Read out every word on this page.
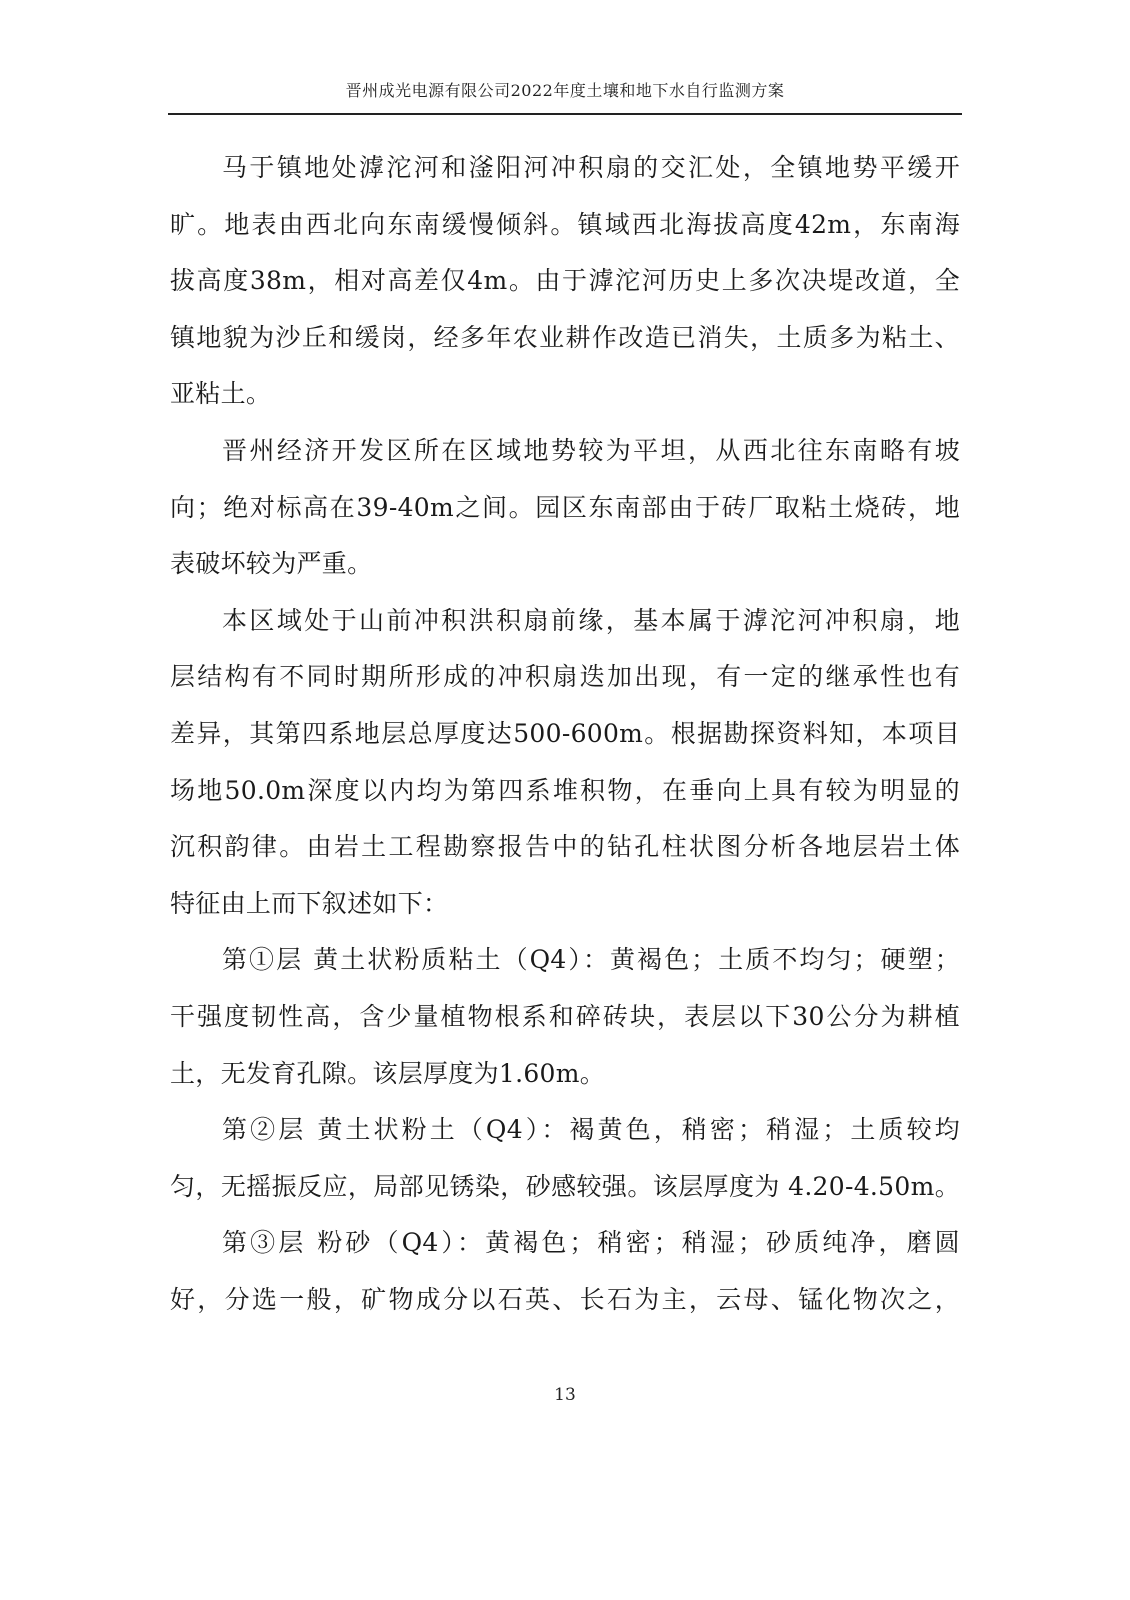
晋州成光电源有限公司2022年度土壤和地下水自行监测方案
马于镇地处滹沱河和滏阳河冲积扇的交汇处，全镇地势平缓开
旷。地表由西北向东南缓慢倾斜。镇域西北海拔高度42m，东南海
拔高度38m，相对高差仅4m。由于滹沱河历史上多次决堤改道，全
镇地貌为沙丘和缓岗，经多年农业耕作改造已消失，土质多为粘土、
亚粘土。
晋州经济开发区所在区域地势较为平坦，从西北往东南略有坡
向；绝对标高在39-40m之间。园区东南部由于砖厂取粘土烧砖，地
表破坏较为严重。
本区域处于山前冲积洪积扇前缘，基本属于滹沱河冲积扇，地
层结构有不同时期所形成的冲积扇迭加出现，有一定的继承性也有
差异，其第四系地层总厚度达500-600m。根据勘探资料知，本项目
场地50.0m深度以内均为第四系堆积物，在垂向上具有较为明显的
沉积韵律。由岩土工程勘察报告中的钻孔柱状图分析各地层岩土体
特征由上而下叙述如下：
第①层 黄土状粉质粘土（Q4）：黄褐色；土质不均匀；硬塑；
干强度韧性高，含少量植物根系和碎砖块，表层以下30公分为耕植
土，无发育孔隙。该层厚度为1.60m。
第②层 黄土状粉土（Q4）：褐黄色，稍密；稍湿；土质较均
匀，无摇振反应，局部见锈染，砂感较强。该层厚度为 4.20-4.50m。
第③层 粉砂（Q4）：黄褐色；稍密；稍湿；砂质纯净，磨圆
好，分选一般，矿物成分以石英、长石为主，云母、锰化物次之，
13
